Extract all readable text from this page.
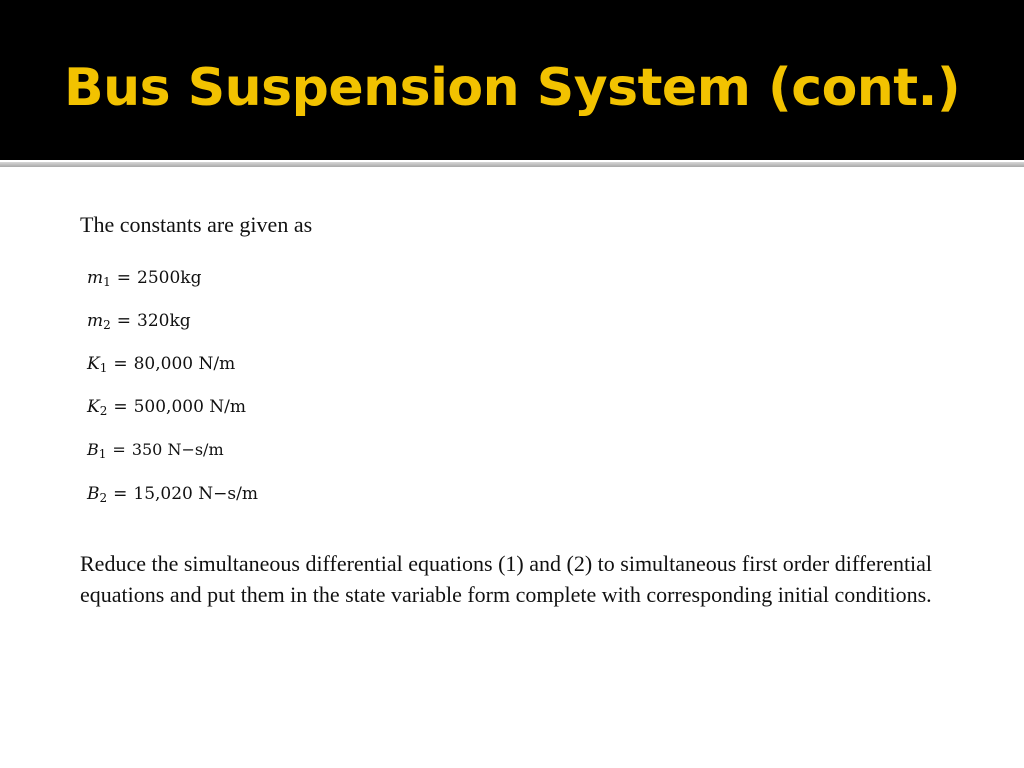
Bus Suspension System (cont.)

The constants are given as

$m_1 = 2500kg$
$m_2 = 320kg$
$K_1 = 80,000$ N/m
$K_2 = 500,000$ N/m
$B_1 = 350$ N−s/m
$B_2 = 15,020$ N−s/m

Reduce the simultaneous differential equations (1) and (2) to simultaneous first order differential equations and put them in the state variable form complete with corresponding initial conditions.
